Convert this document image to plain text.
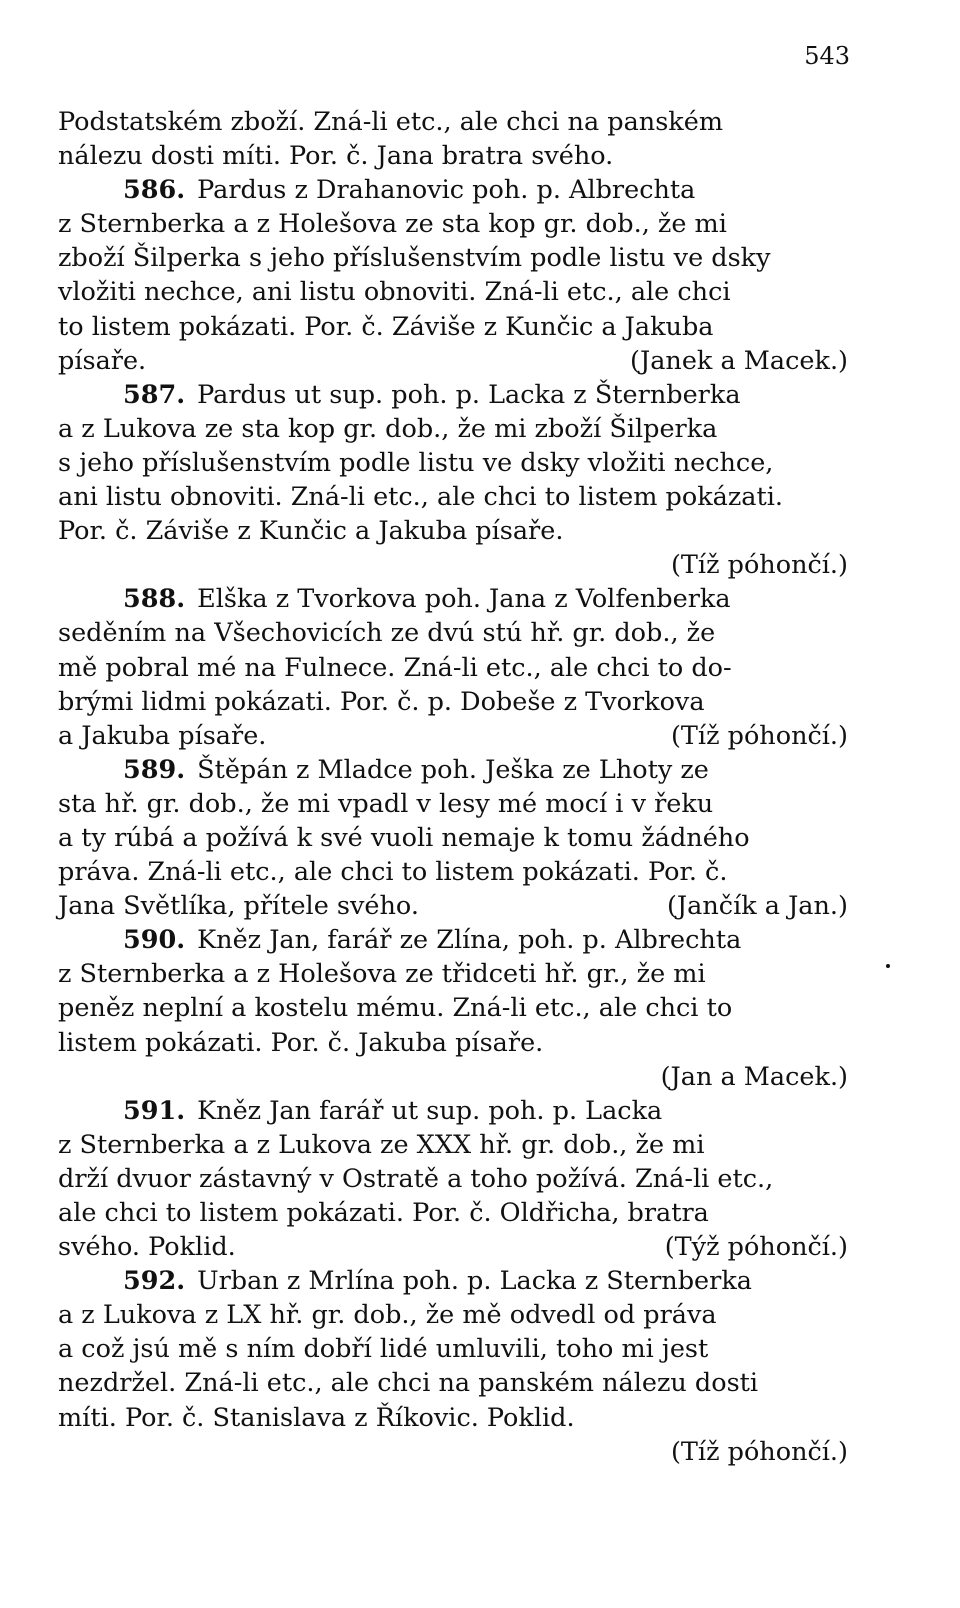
543
Podstatském zboží. Zná-li etc., ale chci na panském
nálezu dosti míti. Por. č. Jana bratra svého.
586. Pardus z Drahanovic poh. p. Albrechta
z Sternberka a z Holešova ze sta kop gr. dob., že mi
zboží Šilperka s jeho příslušenstvím podle listu ve dsky
vložiti nechce, ani listu obnoviti. Zná-li etc., ale chci
to listem pokázati. Por. č. Záviše z Kunčic a Jakuba
písaře.	(Janek a Macek.)
587. Pardus ut sup. poh. p. Lacka z Šternberka
a z Lukova ze sta kop gr. dob., že mi zboží Šilperka
s jeho příslušenstvím podle listu ve dsky vložiti nechce,
ani listu obnoviti. Zná-li etc., ale chci to listem pokázati.
Por. č. Záviše z Kunčic a Jakuba písaře.
(Tíž póhončí.)
588. Elška z Tvorkova poh. Jana z Volfenberka
seděním na Všechovicích ze dvú stú hř. gr. dob., že
mě pobral mé na Fulnece. Zná-li etc., ale chci to do-
brými lidmi pokázati. Por. č. p. Dobeše z Tvorkova
a Jakuba písaře.	(Tíž póhončí.)
589. Štěpán z Mladce poh. Ješka ze Lhoty ze
sta hř. gr. dob., že mi vpadl v lesy mé mocí i v řeku
a ty rúbá a požívá k své vuoli nemaje k tomu žádného
práva. Zná-li etc., ale chci to listem pokázati. Por. č.
Jana Světlíka, přítele svého.	(Jančík a Jan.)
590. Kněz Jan, farář ze Zlína, poh. p. Albrechta
z Sternberka a z Holešova ze třidceti hř. gr., že mi
peněz neplní a kostelu mému. Zná-li etc., ale chci to
listem pokázati. Por. č. Jakuba písaře.
(Jan a Macek.)
591. Kněz Jan farář ut sup. poh. p. Lacka
z Sternberka a z Lukova ze XXX hř. gr. dob., že mi
drží dvuor zástavný v Ostratě a toho požívá. Zná-li etc.,
ale chci to listem pokázati. Por. č. Oldřicha, bratra
svého. Poklid.	(Týž póhončí.)
592. Urban z Mrlína poh. p. Lacka z Sternberka
a z Lukova z LX hř. gr. dob., že mě odvedl od práva
a což jsú mě s ním dobří lidé umluvili, toho mi jest
nezdržel. Zná-li etc., ale chci na panském nálezu dosti
míti. Por. č. Stanislava z Říkovic. Poklid.
(Tíž póhončí.)
